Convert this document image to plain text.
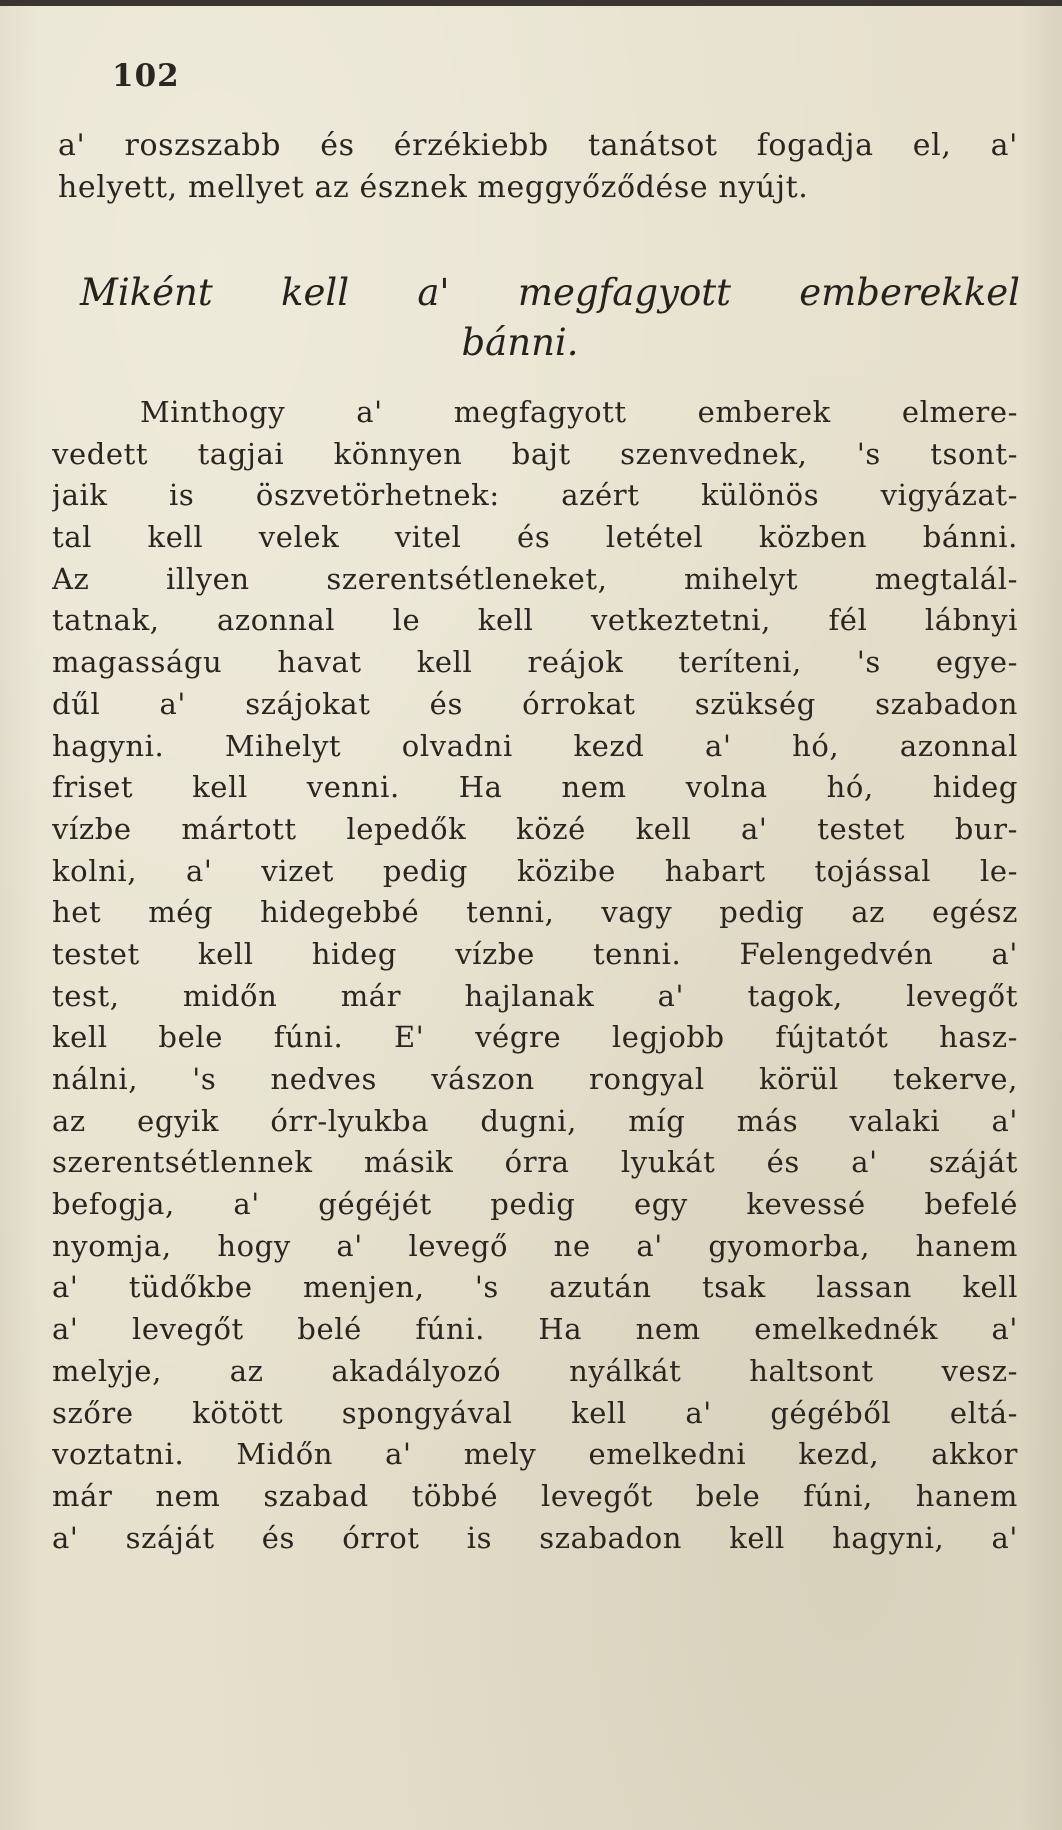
102
a' roszszabb és érzékiebb tanátsot fogadja el, a'
helyett, mellyet az észnek meggyőződése nyújt.
Miként kell a' megfagyott emberekkel
bánni.
Minthogy a' megfagyott emberek elmere-
vedett tagjai könnyen bajt szenvednek, 's tsont-
jaik is öszvetörhetnek: azért különös vigyázat-
tal kell velek vitel és letétel közben bánni.
Az illyen szerentsétleneket, mihelyt megtalál-
tatnak, azonnal le kell vetkeztetni, fél lábnyi
magasságu havat kell reájok teríteni, 's egye-
dűl a' szájokat és órrokat szükség szabadon
hagyni. Mihelyt olvadni kezd a' hó, azonnal
friset kell venni. Ha nem volna hó, hideg
vízbe mártott lepedők közé kell a' testet bur-
kolni, a' vizet pedig közibe habart tojással le-
het még hidegebbé tenni, vagy pedig az egész
testet kell hideg vízbe tenni. Felengedvén a'
test, midőn már hajlanak a' tagok, levegőt
kell bele fúni. E' végre legjobb fújtatót hasz-
nálni, 's nedves vászon rongyal körül tekerve,
az egyik órr-lyukba dugni, míg más valaki a'
szerentsétlennek másik órra lyukát és a' száját
befogja, a' gégéjét pedig egy kevessé befelé
nyomja, hogy a' levegő ne a' gyomorba, hanem
a' tüdőkbe menjen, 's azután tsak lassan kell
a' levegőt belé fúni. Ha nem emelkednék a'
melyje, az akadályozó nyálkát haltsont vesz-
szőre kötött spongyával kell a' gégéből eltá-
voztatni. Midőn a' mely emelkedni kezd, akkor
már nem szabad többé levegőt bele fúni, hanem
a' száját és órrot is szabadon kell hagyni, a'
